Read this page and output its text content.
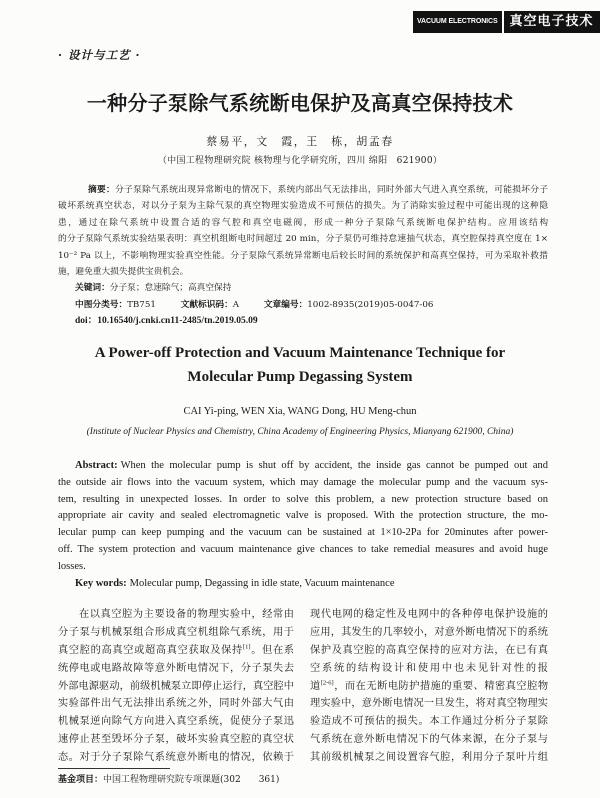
VACUUM ELECTRONICS 真空电子技术
· 设计与工艺 ·
一种分子泵除气系统断电保护及高真空保持技术
蔡易平，文　霞，王　栋，胡孟春
（中国工程物理研究院 核物理与化学研究所，四川 绵阳　621900）
摘要：分子泵除气系统出现异常断电的情况下，系统内部出气无法排出，同时外部大气进入真空系统，可能损坏分子
破坏系统真空状态，对以分子泵为主除气泵的真空物理实验造成不可预估的损失。为了消除实验过程中可能出现的这种隐
患，通过在除气系统中设置合适的容气腔和真空电磁阀，形成一种分子泵除气系统断电保护结构。应用该结构
的分子泵除气系统实验结果表明：真空机组断电时间超过 20 min，分子泵仍可维持怠速抽气状态，真空腔保持真空度在 1×
10⁻² Pa 以上，不影响物理实验真空性能。分子泵除气系统异常断电后较长时间的系统保护和高真空保持，可为采取补救措
施，避免重大损失提供宝贵机会。
关键词：分子泵；怠速除气；高真空保持
中图分类号：TB751	文献标识码：A	文章编号：1002-8935(2019)05-0047-06
doi：10.16540/j.cnki.cn11-2485/tn.2019.05.09
A Power-off Protection and Vacuum Maintenance Technique for
Molecular Pump Degassing System
CAI Yi-ping, WEN Xia, WANG Dong, HU Meng-chun
(Institute of Nuclear Physics and Chemistry, China Academy of Engineering Physics, Mianyang 621900, China)
Abstract: When the molecular pump is shut off by accident, the inside gas cannot be pumped out and
the outside air flows into the vacuum system, which may damage the molecular pump and the vacuum sys-
tem, resulting in unexpected losses. In order to solve this problem, a new protection structure based on
appropriate air cavity and sealed electromagnetic valve is proposed. With the protection structure, the mo-
lecular pump can keep pumping and the vacuum can be sustained at 1×10-2Pa for 20minutes after power-
off. The system protection and vacuum maintenance give chances to take remedial measures and avoid huge
losses.
Key words: Molecular pump, Degassing in idle state, Vacuum maintenance
在以真空腔为主要设备的物理实验中，经常由
分子泵与机械泵组合形成真空机组除气系统，用于
真空腔的高真空或超高真空获取及保持[1]。但在系
统停电或电路故障等意外断电情况下，分子泵失去
外部电源驱动，前级机械泵立即停止运行，真空腔中
实验部件出气无法排出系统之外，同时外部大气由
机械泵逆向除气方向进入真空系统，促使分子泵迅
速停止甚至毁坏分子泵，破坏实验真空腔的真空状
态。对于分子泵除气系统意外断电的情况，依赖于
现代电网的稳定性及电网中的各种停电保护设施的
应用，其发生的几率较小，对意外断电情况下的系统
保护及真空腔的高真空保持的应对方法，在已有真
空系统的结构设计和使用中也未见针对性的报
道[2-6]，而在无断电防护措施的重要、精密真空腔物
理实验中，意外断电情况一旦发生，将对真空物理实
验造成不可预估的损失。本工作通过分析分子泵除
气系统在意外断电情况下的气体来源，在分子泵与
其前级机械泵之间设置容气腔，利用分子泵叶片组
基金项目：中国工程物理研究院专项课题(302　　361)
